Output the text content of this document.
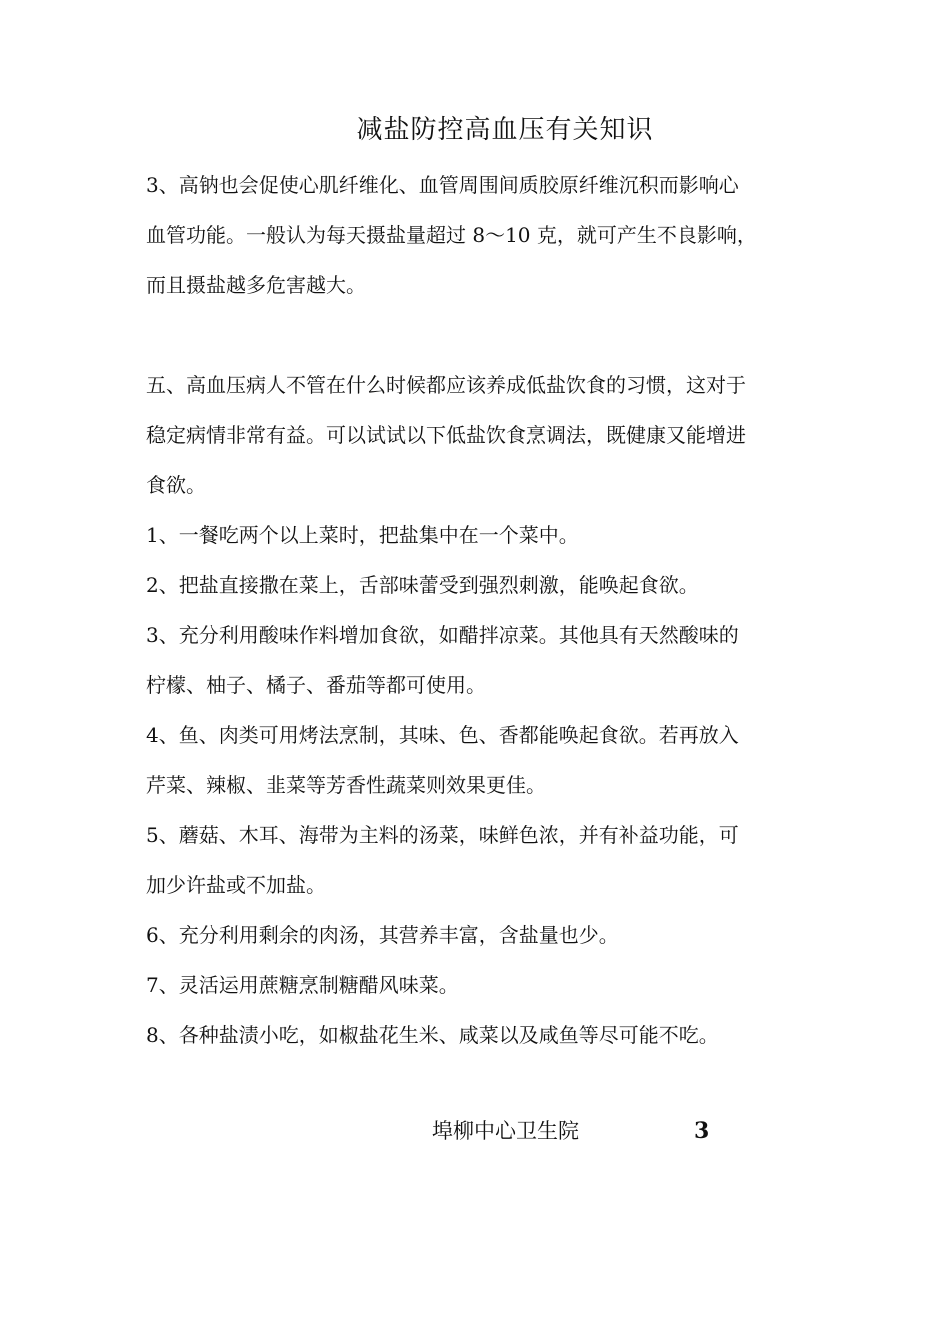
减盐防控高血压有关知识
3、高钠也会促使心肌纤维化、血管周围间质胶原纤维沉积而影响心
血管功能。一般认为每天摄盐量超过 8～10 克，就可产生不良影响，
而且摄盐越多危害越大。
五、高血压病人不管在什么时候都应该养成低盐饮食的习惯，这对于
稳定病情非常有益。可以试试以下低盐饮食烹调法，既健康又能增进
食欲。
1、一餐吃两个以上菜时，把盐集中在一个菜中。
2、把盐直接撒在菜上，舌部味蕾受到强烈刺激，能唤起食欲。
3、充分利用酸味作料增加食欲，如醋拌凉菜。其他具有天然酸味的
柠檬、柚子、橘子、番茄等都可使用。
4、鱼、肉类可用烤法烹制，其味、色、香都能唤起食欲。若再放入
芹菜、辣椒、韭菜等芳香性蔬菜则效果更佳。
5、蘑菇、木耳、海带为主料的汤菜，味鲜色浓，并有补益功能，可
加少许盐或不加盐。
6、充分利用剩余的肉汤，其营养丰富，含盐量也少。
7、灵活运用蔗糖烹制糖醋风味菜。
8、各种盐渍小吃，如椒盐花生米、咸菜以及咸鱼等尽可能不吃。
埠柳中心卫生院	3
